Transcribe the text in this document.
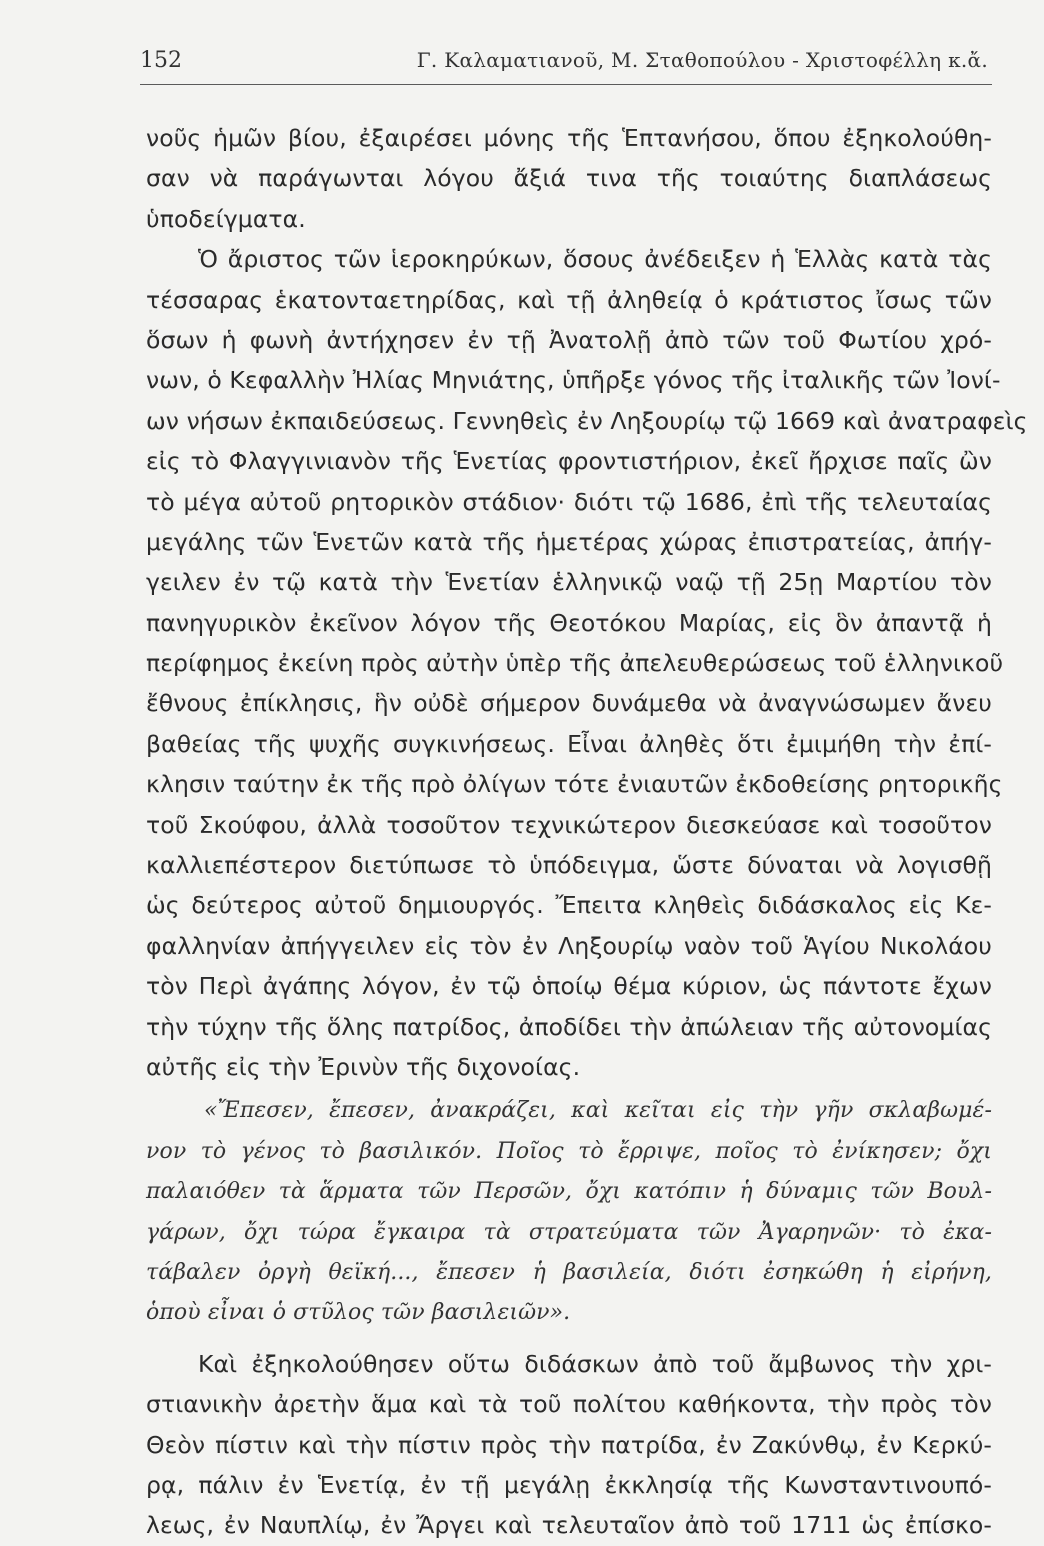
152	Γ. Καλαματιανοῦ, Μ. Σταθοπούλου - Χριστοφέλλη κ.ἄ.
νοῦς ἡμῶν βίου, ἐξαιρέσει μόνης τῆς Ἑπτανήσου, ὅπου ἐξηκολούθη-
σαν νὰ παράγωνται λόγου ἄξιά τινα τῆς τοιαύτης διαπλάσεως
ὑποδείγματα.
Ὁ ἄριστος τῶν ἱεροκηρύκων, ὅσους ἀνέδειξεν ἡ Ἑλλὰς κατὰ τὰς
τέσσαρας ἑκατονταετηρίδας, καὶ τῇ ἀληθείᾳ ὁ κράτιστος ἴσως τῶν
ὅσων ἡ φωνὴ ἀντήχησεν ἐν τῇ Ἀνατολῇ ἀπὸ τῶν τοῦ Φωτίου χρό-
νων, ὁ Κεφαλλὴν Ἠλίας Μηνιάτης, ὑπῆρξε γόνος τῆς ἰταλικῆς τῶν Ἰονί-
ων νήσων ἐκπαιδεύσεως. Γεννηθεὶς ἐν Ληξουρίῳ τῷ 1669 καὶ ἀνατραφεὶς
εἰς τὸ Φλαγγινιανὸν τῆς Ἑνετίας φροντιστήριον, ἐκεῖ ἤρχισε παῖς ὢν
τὸ μέγα αὐτοῦ ρητορικὸν στάδιον· διότι τῷ 1686, ἐπὶ τῆς τελευταίας
μεγάλης τῶν Ἑνετῶν κατὰ τῆς ἡμετέρας χώρας ἐπιστρατείας, ἀπήγ-
γειλεν ἐν τῷ κατὰ τὴν Ἑνετίαν ἑλληνικῷ ναῷ τῇ 25ῃ Μαρτίου τὸν
πανηγυρικὸν ἐκεῖνον λόγον τῆς Θεοτόκου Μαρίας, εἰς ὃν ἀπαντᾷ ἡ
περίφημος ἐκείνη πρὸς αὐτὴν ὑπὲρ τῆς ἀπελευθερώσεως τοῦ ἑλληνικοῦ
ἔθνους ἐπίκλησις, ἣν οὐδὲ σήμερον δυνάμεθα νὰ ἀναγνώσωμεν ἄνευ
βαθείας τῆς ψυχῆς συγκινήσεως. Εἶναι ἀληθὲς ὅτι ἐμιμήθη τὴν ἐπί-
κλησιν ταύτην ἐκ τῆς πρὸ ὀλίγων τότε ἐνιαυτῶν ἐκδοθείσης ρητορικῆς
τοῦ Σκούφου, ἀλλὰ τοσοῦτον τεχνικώτερον διεσκεύασε καὶ τοσοῦτον
καλλιεπέστερον διετύπωσε τὸ ὑπόδειγμα, ὥστε δύναται νὰ λογισθῇ
ὡς δεύτερος αὐτοῦ δημιουργός. Ἔπειτα κληθεὶς διδάσκαλος εἰς Κε-
φαλληνίαν ἀπήγγειλεν εἰς τὸν ἐν Ληξουρίῳ ναὸν τοῦ Ἁγίου Νικολάου
τὸν Περὶ ἀγάπης λόγον, ἐν τῷ ὁποίῳ θέμα κύριον, ὡς πάντοτε ἔχων
τὴν τύχην τῆς ὅλης πατρίδος, ἀποδίδει τὴν ἀπώλειαν τῆς αὐτονομίας
αὐτῆς εἰς τὴν Ἐρινὺν τῆς διχονοίας.
«Ἔπεσεν, ἔπεσεν, ἀνακράζει, καὶ κεῖται εἰς τὴν γῆν σκλαβωμέ-
νον τὸ γένος τὸ βασιλικόν. Ποῖος τὸ ἔρριψε, ποῖος τὸ ἐνίκησεν; ὄχι
παλαιόθεν τὰ ἅρματα τῶν Περσῶν, ὄχι κατόπιν ἡ δύναμις τῶν Βουλ-
γάρων, ὄχι τώρα ἔγκαιρα τὰ στρατεύματα τῶν Ἀγαρηνῶν· τὸ ἐκα-
τάβαλεν ὀργὴ θεϊκή..., ἔπεσεν ἡ βασιλεία, διότι ἐσηκώθη ἡ εἰρήνη,
ὁποὺ εἶναι ὁ στῦλος τῶν βασιλειῶν».
Καὶ ἐξηκολούθησεν οὕτω διδάσκων ἀπὸ τοῦ ἄμβωνος τὴν χρι-
στιανικὴν ἀρετὴν ἅμα καὶ τὰ τοῦ πολίτου καθήκοντα, τὴν πρὸς τὸν
Θεὸν πίστιν καὶ τὴν πίστιν πρὸς τὴν πατρίδα, ἐν Ζακύνθῳ, ἐν Κερκύ-
ρᾳ, πάλιν ἐν Ἑνετίᾳ, ἐν τῇ μεγάλῃ ἐκκλησίᾳ τῆς Κωνσταντινουπό-
λεως, ἐν Ναυπλίῳ, ἐν Ἄργει καὶ τελευταῖον ἀπὸ τοῦ 1711 ὡς ἐπίσκο-
